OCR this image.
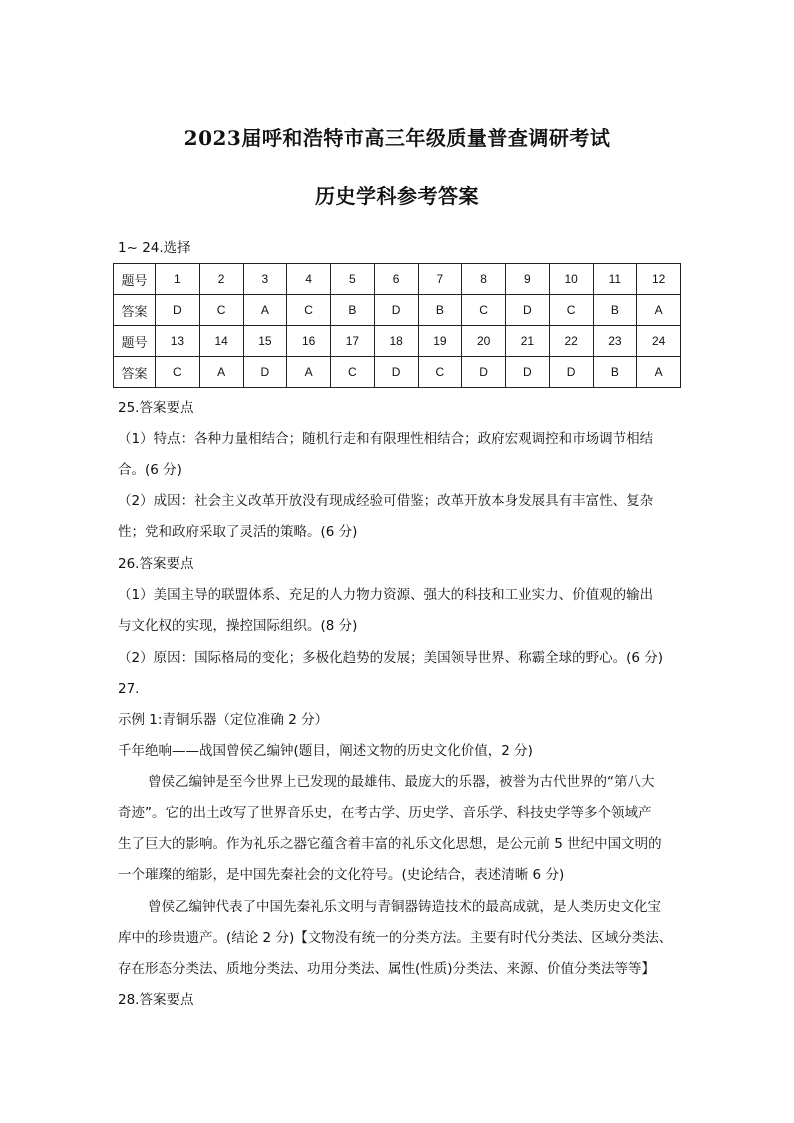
2023届呼和浩特市高三年级质量普查调研考试
历史学科参考答案
1~ 24.选择
题号	1	2	3	4	5	6	7	8	9	10	11	12
答案	D	C	A	C	B	D	B	C	D	C	B	A
题号	13	14	15	16	17	18	19	20	21	22	23	24
答案	C	A	D	A	C	D	C	D	D	D	B	A
25.答案要点
（1）特点：各种力量相结合；随机行走和有限理性相结合；政府宏观调控和市场调节相结
合。(6 分)
（2）成因：社会主义改革开放没有现成经验可借鉴；改革开放本身发展具有丰富性、复杂
性；党和政府采取了灵活的策略。(6 分)
26.答案要点
（1）美国主导的联盟体系、充足的人力物力资源、强大的科技和工业实力、价值观的输出
与文化权的实现，操控国际组织。(8 分)
（2）原因：国际格局的变化；多极化趋势的发展；美国领导世界、称霸全球的野心。(6 分)
27.
示例 1:青铜乐器（定位准确 2 分）
千年绝响——战国曾侯乙编钟(题目，阐述文物的历史文化价值，2 分)
曾侯乙编钟是至今世界上已发现的最雄伟、最庞大的乐器，被誉为古代世界的“第八大
奇迹”。它的出土改写了世界音乐史，在考古学、历史学、音乐学、科技史学等多个领域产
生了巨大的影响。作为礼乐之器它蕴含着丰富的礼乐文化思想，是公元前 5 世纪中国文明的
一个璀璨的缩影，是中国先秦社会的文化符号。(史论结合，表述清晰 6 分)
曾侯乙编钟代表了中国先秦礼乐文明与青铜器铸造技术的最高成就，是人类历史文化宝
库中的珍贵遗产。(结论 2 分)【文物没有统一的分类方法。主要有时代分类法、区域分类法、
存在形态分类法、质地分类法、功用分类法、属性(性质)分类法、来源、价值分类法等等】
28.答案要点
